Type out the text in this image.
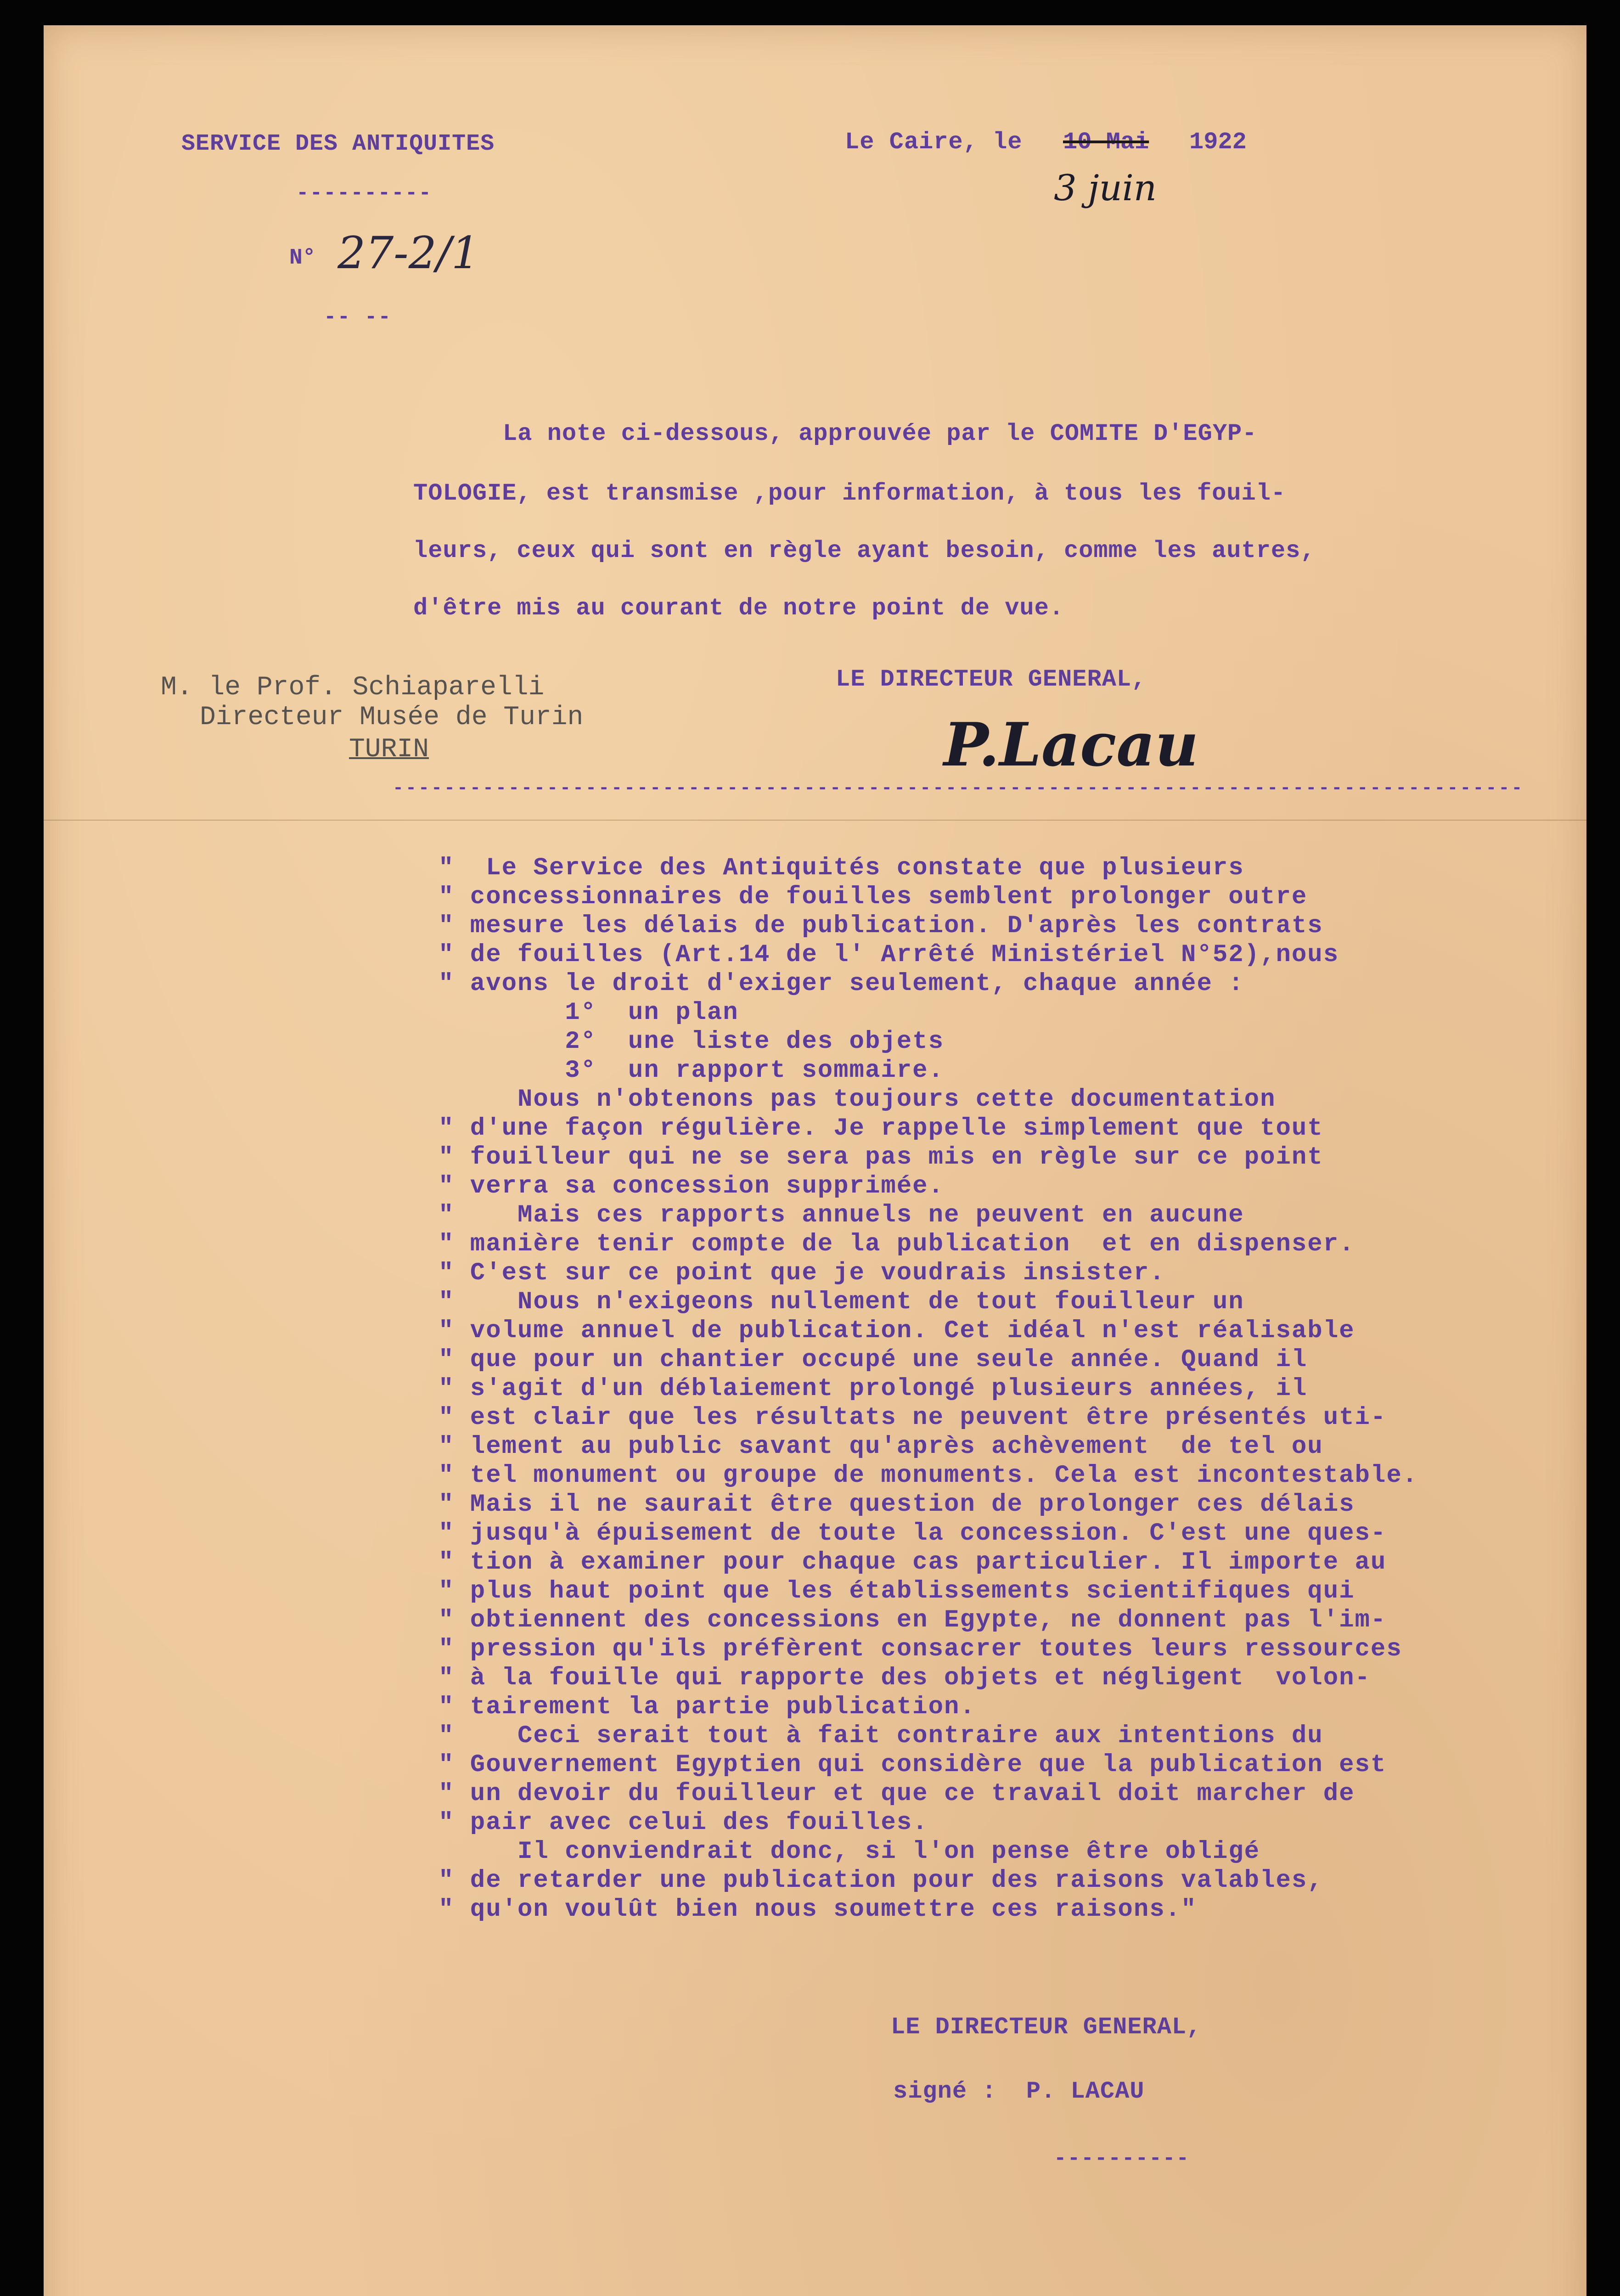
SERVICE DES ANTIQUITES
----------
N° 27-2/1
-- --
Le Caire, le 10 Mai 1922
3 juin
La note ci-dessous, approuvée par le COMITE D'EGYP-
TOLOGIE, est transmise ,pour information, à tous les fouil-
leurs, ceux qui sont en règle ayant besoin, comme les autres,
d'être mis au courant de notre point de vue.
M. le Prof. Schiaparelli
Directeur Musée de Turin
TURIN
LE DIRECTEUR GENERAL,
P.Lacau
----------------------------------------------------------------------------------------
"  Le Service des Antiquités constate que plusieurs
" concessionnaires de fouilles semblent prolonger outre
" mesure les délais de publication. D'après les contrats
" de fouilles (Art.14 de l' Arrêté Ministériel N°52),nous
" avons le droit d'exiger seulement, chaque année :
1°  un plan
2°  une liste des objets
3°  un rapport sommaire.
Nous n'obtenons pas toujours cette documentation
" d'une façon régulière. Je rappelle simplement que tout
" fouilleur qui ne se sera pas mis en règle sur ce point
" verra sa concession supprimée.
"    Mais ces rapports annuels ne peuvent en aucune
" manière tenir compte de la publication  et en dispenser.
" C'est sur ce point que je voudrais insister.
"    Nous n'exigeons nullement de tout fouilleur un
" volume annuel de publication. Cet idéal n'est réalisable
" que pour un chantier occupé une seule année. Quand il
" s'agit d'un déblaiement prolongé plusieurs années, il
" est clair que les résultats ne peuvent être présentés uti-
" lement au public savant qu'après achèvement  de tel ou
" tel monument ou groupe de monuments. Cela est incontestable.
" Mais il ne saurait être question de prolonger ces délais
" jusqu'à épuisement de toute la concession. C'est une ques-
" tion à examiner pour chaque cas particulier. Il importe au
" plus haut point que les établissements scientifiques qui
" obtiennent des concessions en Egypte, ne donnent pas l'im-
" pression qu'ils préfèrent consacrer toutes leurs ressources
" à la fouille qui rapporte des objets et négligent  volon-
" tairement la partie publication.
"    Ceci serait tout à fait contraire aux intentions du
" Gouvernement Egyptien qui considère que la publication est
" un devoir du fouilleur et que ce travail doit marcher de
" pair avec celui des fouilles.
Il conviendrait donc, si l'on pense être obligé
" de retarder une publication pour des raisons valables,
" qu'on voulût bien nous soumettre ces raisons."
LE DIRECTEUR GENERAL,
signé :  P. LACAU
----------
